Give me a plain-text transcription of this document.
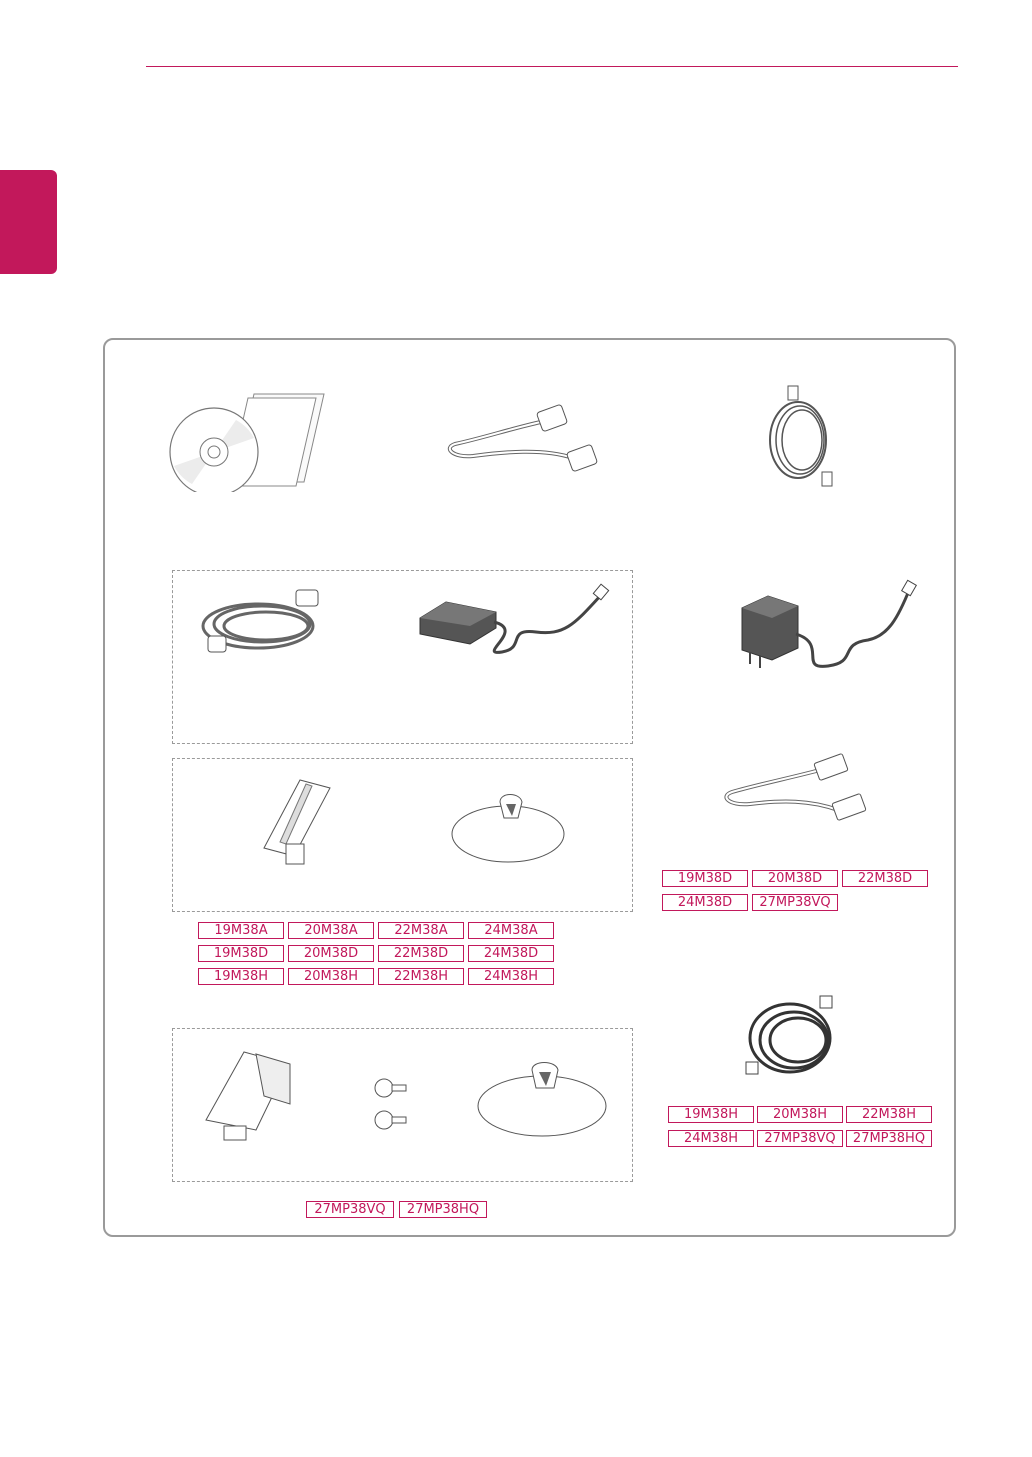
19M38D	20M38D	22M38D
24M38D	27MP38VQ
19M38A	20M38A	22M38A	24M38A
19M38D	20M38D	22M38D	24M38D
19M38H	20M38H	22M38H	24M38H
19M38H	20M38H	22M38H
24M38H	27MP38VQ	27MP38HQ
27MP38VQ	27MP38HQ
